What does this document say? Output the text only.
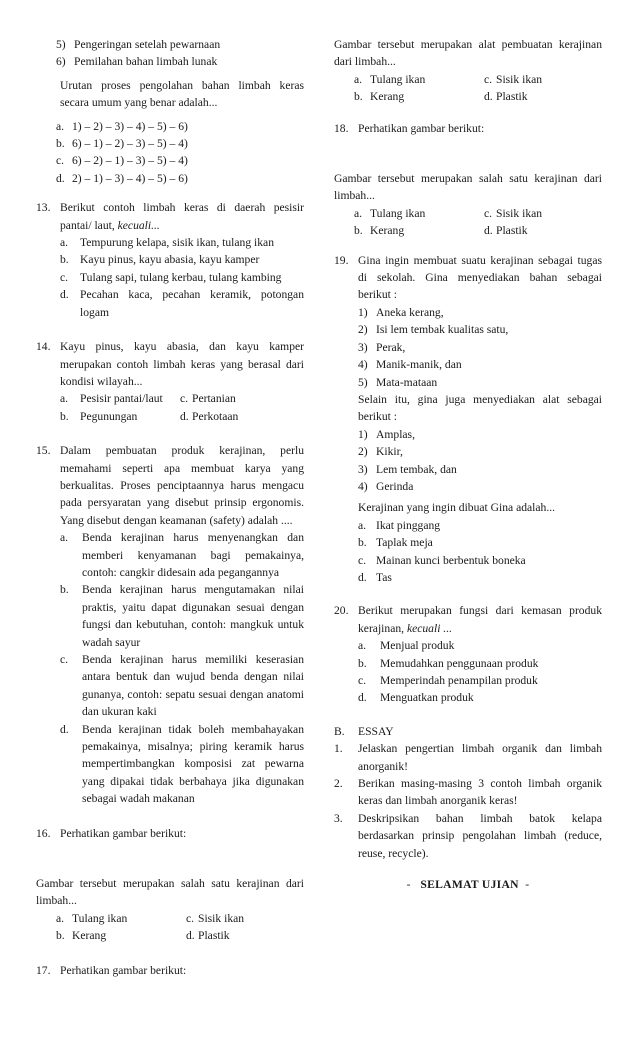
5) Pengeringan setelah pewarnaan
6) Pemilahan bahan limbah lunak
Urutan proses pengolahan bahan limbah keras secara umum yang benar adalah...
a. 1) – 2) – 3) – 4) – 5) – 6)
b. 6) – 1) – 2) – 3) – 5) – 4)
c. 6) – 2) – 1) – 3) – 5) – 4)
d. 2) – 1) – 3) – 4) – 5) – 6)
13. Berikut contoh limbah keras di daerah pesisir pantai/ laut, kecuali...
a.	Tempurung kelapa, sisik ikan, tulang ikan
b. Kayu pinus, kayu abasia, kayu kamper
c.	Tulang sapi, tulang kerbau, tulang kambing
d. Pecahan kaca, pecahan keramik, potongan logam
14. Kayu pinus, kayu abasia, dan kayu kamper merupakan contoh limbah keras yang berasal dari kondisi wilayah...
a. Pesisir pantai/laut	c. Pertanian
b. Pegunungan	d. Perkotaan
15. Dalam pembuatan produk kerajinan, perlu memahami seperti apa membuat karya yang berkualitas. Proses penciptaannya harus mengacu pada persyaratan yang disebut prinsip ergonomis. Yang disebut dengan keamanan (safety) adalah ....
a.	Benda kerajinan harus menyenangkan dan memberi kenyamanan bagi pemakainya, contoh: cangkir didesain ada pegangannya
b.	Benda kerajinan harus mengutamakan nilai praktis, yaitu dapat digunakan sesuai dengan fungsi dan kebutuhan, contoh: mangkuk untuk wadah sayur
c.	Benda kerajinan harus memiliki keserasian antara bentuk dan wujud benda dengan nilai gunanya, contoh: sepatu sesuai dengan anatomi dan ukuran kaki
d.	Benda kerajinan tidak boleh membahayakan pemakainya, misalnya; piring keramik harus mempertimbangkan komposisi zat pewarna yang dipakai tidak berbahaya jika digunakan sebagai wadah makanan
16. Perhatikan gambar berikut:
Gambar tersebut merupakan salah satu kerajinan dari limbah...
a. Tulang ikan	c. Sisik ikan
b. Kerang	d. Plastik
17. Perhatikan gambar berikut:
Gambar tersebut merupakan alat pembuatan kerajinan dari limbah...
a. Tulang ikan	c. Sisik ikan
b. Kerang	d. Plastik
18. Perhatikan gambar berikut:
Gambar tersebut merupakan salah satu kerajinan dari limbah...
a. Tulang ikan	c. Sisik ikan
b. Kerang	d. Plastik
19. Gina ingin membuat suatu kerajinan sebagai tugas di sekolah. Gina menyediakan bahan sebagai berikut :
1) Aneka kerang,
2) Isi lem tembak kualitas satu,
3) Perak,
4) Manik-manik, dan
5) Mata-mataan
Selain itu, gina juga menyediakan alat sebagai berikut :
1) Amplas,
2) Kikir,
3) Lem tembak, dan
4) Gerinda
Kerajinan yang ingin dibuat Gina adalah...
a. Ikat pinggang
b. Taplak meja
c. Mainan kunci berbentuk boneka
d. Tas
20. Berikut merupakan fungsi dari kemasan produk kerajinan, kecuali ...
a. Menjual produk
b. Memudahkan penggunaan produk
c. Memperindah penampilan produk
d. Menguatkan produk
B. ESSAY
1.	Jelaskan pengertian limbah organik dan limbah anorganik!
2.	Berikan masing-masing 3 contoh limbah organik keras dan limbah anorganik keras!
3.	Deskripsikan bahan limbah batok kelapa berdasarkan prinsip pengolahan limbah (reduce, reuse, recycle).
- SELAMAT UJIAN -
